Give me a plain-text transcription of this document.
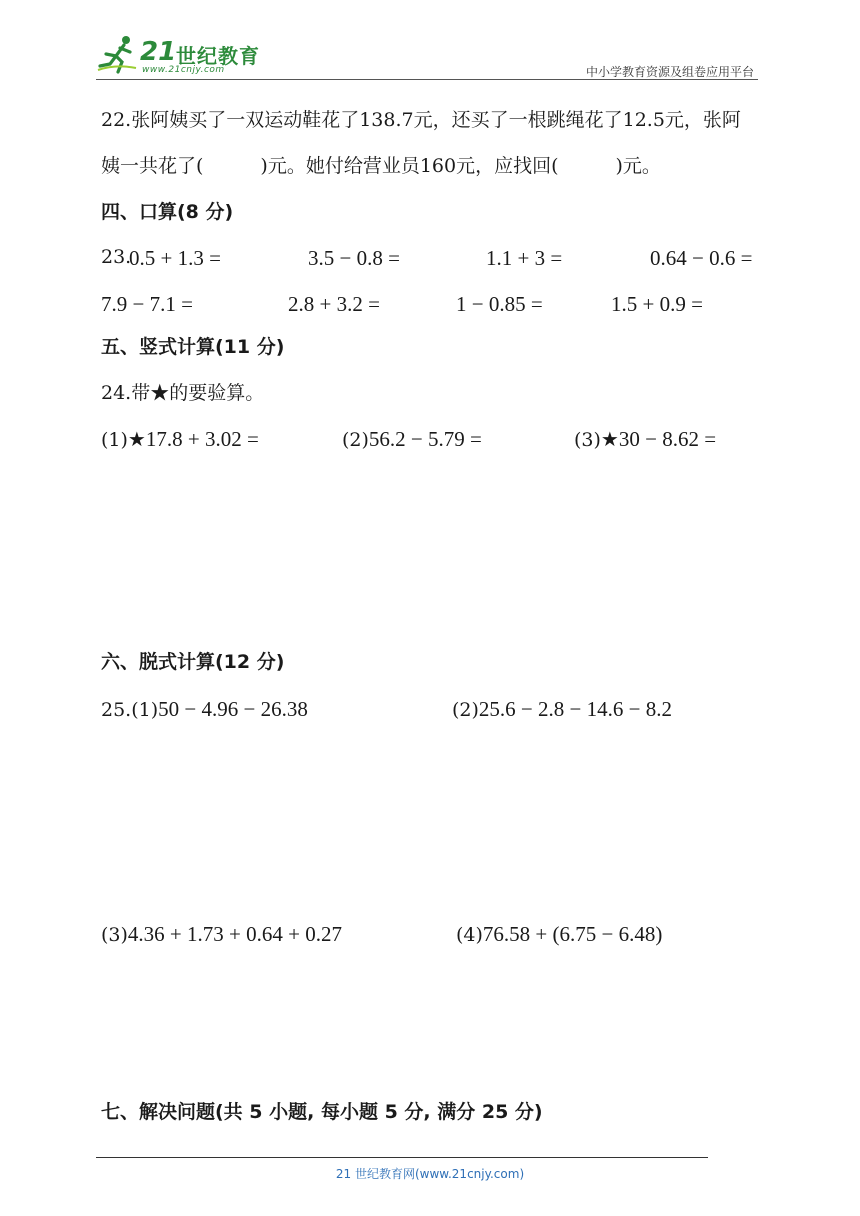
21 世纪教育
www.21cnjy.com	中小学教育资源及组卷应用平台
22.张阿姨买了一双运动鞋花了138.7元，还买了一根跳绳花了12.5元，张阿
姨一共花了(　　　)元。她付给营业员160元，应找回(　　　)元。
四、口算(8 分)
23.
0.5 + 1.3 =	3.5 − 0.8 =	1.1 + 3 =	0.64 − 0.6 =
7.9 − 7.1 =	2.8 + 3.2 =	1 − 0.85 =	1.5 + 0.9 =
五、竖式计算(11 分)
24.带★的要验算。
(1)★17.8 + 3.02 =	(2)56.2 − 5.79 =	(3)★30 − 8.62 =
六、脱式计算(12 分)
25.(1)50 − 4.96 − 26.38	(2)25.6 − 2.8 − 14.6 − 8.2
(3)4.36 + 1.73 + 0.64 + 0.27	(4)76.58 + (6.75 − 6.48)
七、解决问题(共 5 小题, 每小题 5 分, 满分 25 分)
21 世纪教育网(www.21cnjy.com)
